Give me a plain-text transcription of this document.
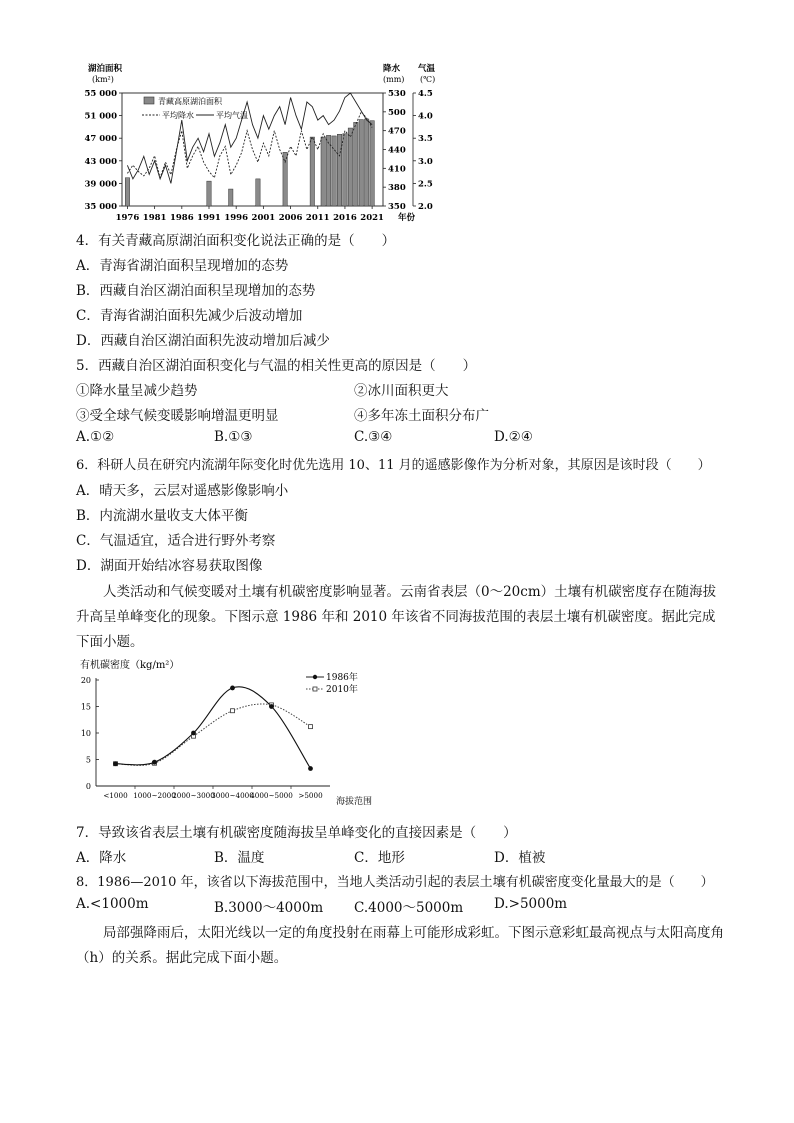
55 000
51 000
47 000
43 000
39 000
35 000
530
500
470
440
410
380
350
4.5
4.0
3.5
3.0
2.5
2.0
1976 1981 1986 1991 1996 2001 2006 2011 2016 2021
湖泊面积
(km²)
降水
(mm)
气温
(℃)
年份
青藏高原湖泊面积
平均降水	平均气温
4．有关青藏高原湖泊面积变化说法正确的是（　　）
A．青海省湖泊面积呈现增加的态势
B．西藏自治区湖泊面积呈现增加的态势
C．青海省湖泊面积先减少后波动增加
D．西藏自治区湖泊面积先波动增加后减少
5．西藏自治区湖泊面积变化与气温的相关性更高的原因是（　　）
①降水量呈减少趋势	②冰川面积更大
③受全球气候变暖影响增温更明显	④多年冻土面积分布广
A.①②	B.①③	C.③④	D.②④
6．科研人员在研究内流湖年际变化时优先选用 10、11 月的遥感影像作为分析对象，其原因是该时段（　　）
A．晴天多，云层对遥感影像影响小
B．内流湖水量收支大体平衡
C．气温适宜，适合进行野外考察
D．湖面开始结冰容易获取图像
人类活动和气候变暖对土壤有机碳密度影响显著。云南省表层（0～20cm）土壤有机碳密度存在随海拔升高呈单峰变化的现象。下图示意 1986 年和 2010 年该省不同海拔范围的表层土壤有机碳密度。据此完成下面小题。
0
5
10
15
20
<1000 1000~2000
2000~3000
3000~4000
4000~5000 >5000
有机碳密度（kg/m²）
海拔范围
1986年
2010年
7．导致该省表层土壤有机碳密度随海拔呈单峰变化的直接因素是（　　）
A．降水	B．温度	C．地形	D．植被
8．1986—2010 年，该省以下海拔范围中，当地人类活动引起的表层土壤有机碳密度变化量最大的是（　　）
A.<1000m	B.3000～4000m C.4000～5000m D.>5000m
局部强降雨后，太阳光线以一定的角度投射在雨幕上可能形成彩虹。下图示意彩虹最高视点与太阳高度角（h）的关系。据此完成下面小题。
